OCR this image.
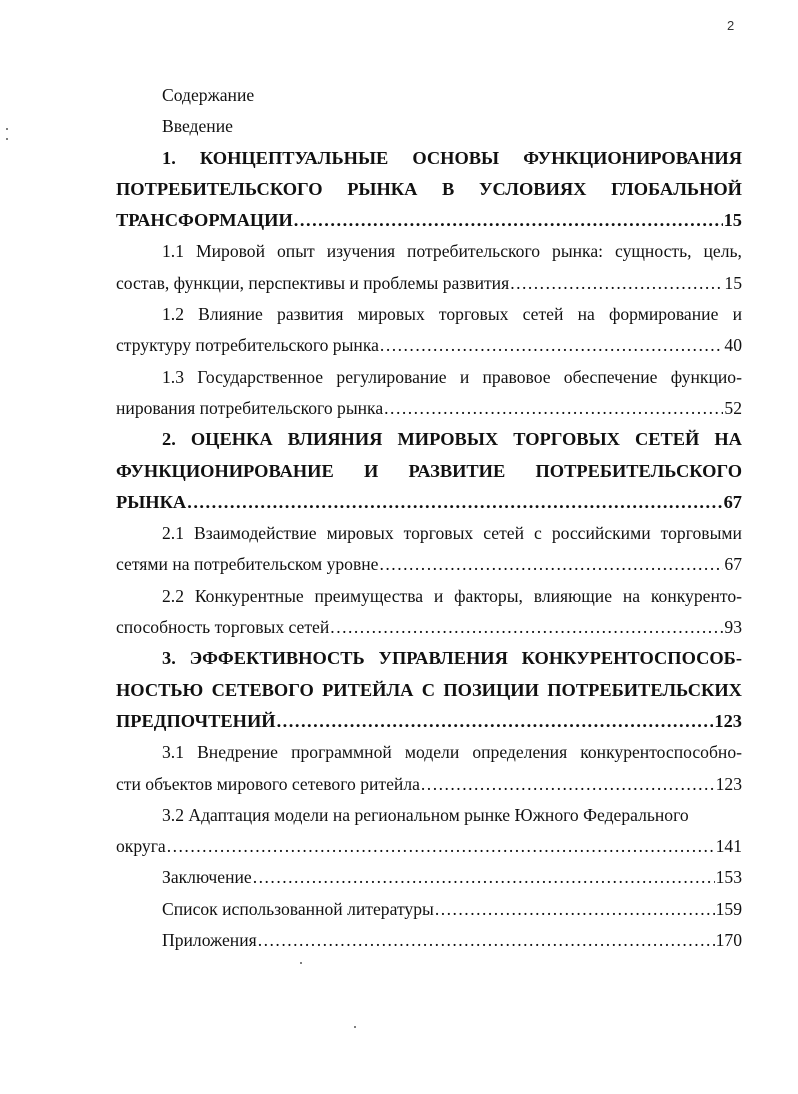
2
Содержание
Введение
1. КОНЦЕПТУАЛЬНЫЕ ОСНОВЫ ФУНКЦИОНИРОВАНИЯ
ПОТРЕБИТЕЛЬСКОГО РЫНКА В УСЛОВИЯХ ГЛОБАЛЬНОЙ
ТРАНСФОРМАЦИИ .....	15
1.1 Мировой опыт изучения потребительского рынка: сущность, цель,
состав, функции, перспективы и проблемы развития .....	15
1.2 Влияние развития мировых торговых сетей на формирование и
структуру потребительского рынка .....	40
1.3 Государственное регулирование и правовое обеспечение функцио-
нирования потребительского рынка .....	52
2. ОЦЕНКА ВЛИЯНИЯ МИРОВЫХ ТОРГОВЫХ СЕТЕЙ НА
ФУНКЦИОНИРОВАНИЕ И РАЗВИТИЕ ПОТРЕБИТЕЛЬСКОГО
РЫНКА .....	67
2.1 Взаимодействие мировых торговых сетей с российскими торговыми
сетями на потребительском уровне .....	67
2.2 Конкурентные преимущества и факторы, влияющие на конкуренто-
способность торговых сетей .....	93
3. ЭФФЕКТИВНОСТЬ УПРАВЛЕНИЯ КОНКУРЕНТОСПОСОБ-
НОСТЬЮ СЕТЕВОГО РИТЕЙЛА С ПОЗИЦИИ ПОТРЕБИТЕЛЬСКИХ
ПРЕДПОЧТЕНИЙ .....	123
3.1 Внедрение программной модели определения конкурентоспособно-
сти объектов мирового сетевого ритейла .....	123
3.2 Адаптация модели на региональном рынке Южного Федерального
округа .....	141
Заключение .....	153
Список использованной литературы .....	159
Приложения .....	170
